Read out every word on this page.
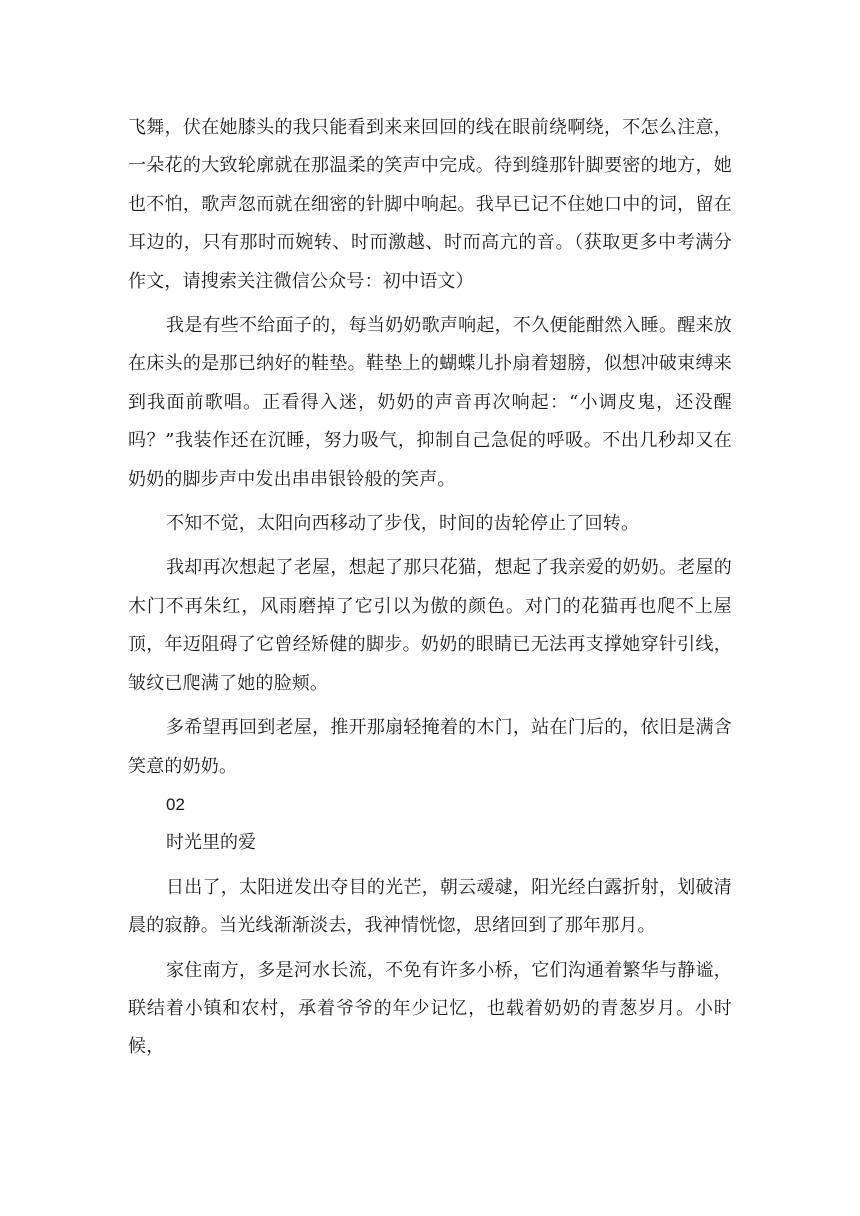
飞舞，伏在她膝头的我只能看到来来回回的线在眼前绕啊绕，不怎么注意，一朵花的大致轮廓就在那温柔的笑声中完成。待到缝那针脚要密的地方，她也不怕，歌声忽而就在细密的针脚中响起。我早已记不住她口中的词，留在耳边的，只有那时而婉转、时而激越、时而高亢的音。（获取更多中考满分作文，请搜索关注微信公众号：初中语文）

我是有些不给面子的，每当奶奶歌声响起，不久便能酣然入睡。醒来放在床头的是那已纳好的鞋垫。鞋垫上的蝴蝶儿扑扇着翅膀，似想冲破束缚来到我面前歌唱。正看得入迷，奶奶的声音再次响起：“小调皮鬼，还没醒吗？”我装作还在沉睡，努力吸气，抑制自己急促的呼吸。不出几秒却又在奶奶的脚步声中发出串串银铃般的笑声。

不知不觉，太阳向西移动了步伐，时间的齿轮停止了回转。

我却再次想起了老屋，想起了那只花猫，想起了我亲爱的奶奶。老屋的木门不再朱红，风雨磨掉了它引以为傲的颜色。对门的花猫再也爬不上屋顶，年迈阻碍了它曾经矫健的脚步。奶奶的眼睛已无法再支撑她穿针引线，皱纹已爬满了她的脸颊。

多希望再回到老屋，推开那扇轻掩着的木门，站在门后的，依旧是满含笑意的奶奶。

02

时光里的爱

日出了，太阳迸发出夺目的光芒，朝云叆叇，阳光经白露折射，划破清晨的寂静。当光线渐渐淡去，我神情恍惚，思绪回到了那年那月。

家住南方，多是河水长流，不免有许多小桥，它们沟通着繁华与静谧，联结着小镇和农村，承着爷爷的年少记忆，也载着奶奶的青葱岁月。小时候，
